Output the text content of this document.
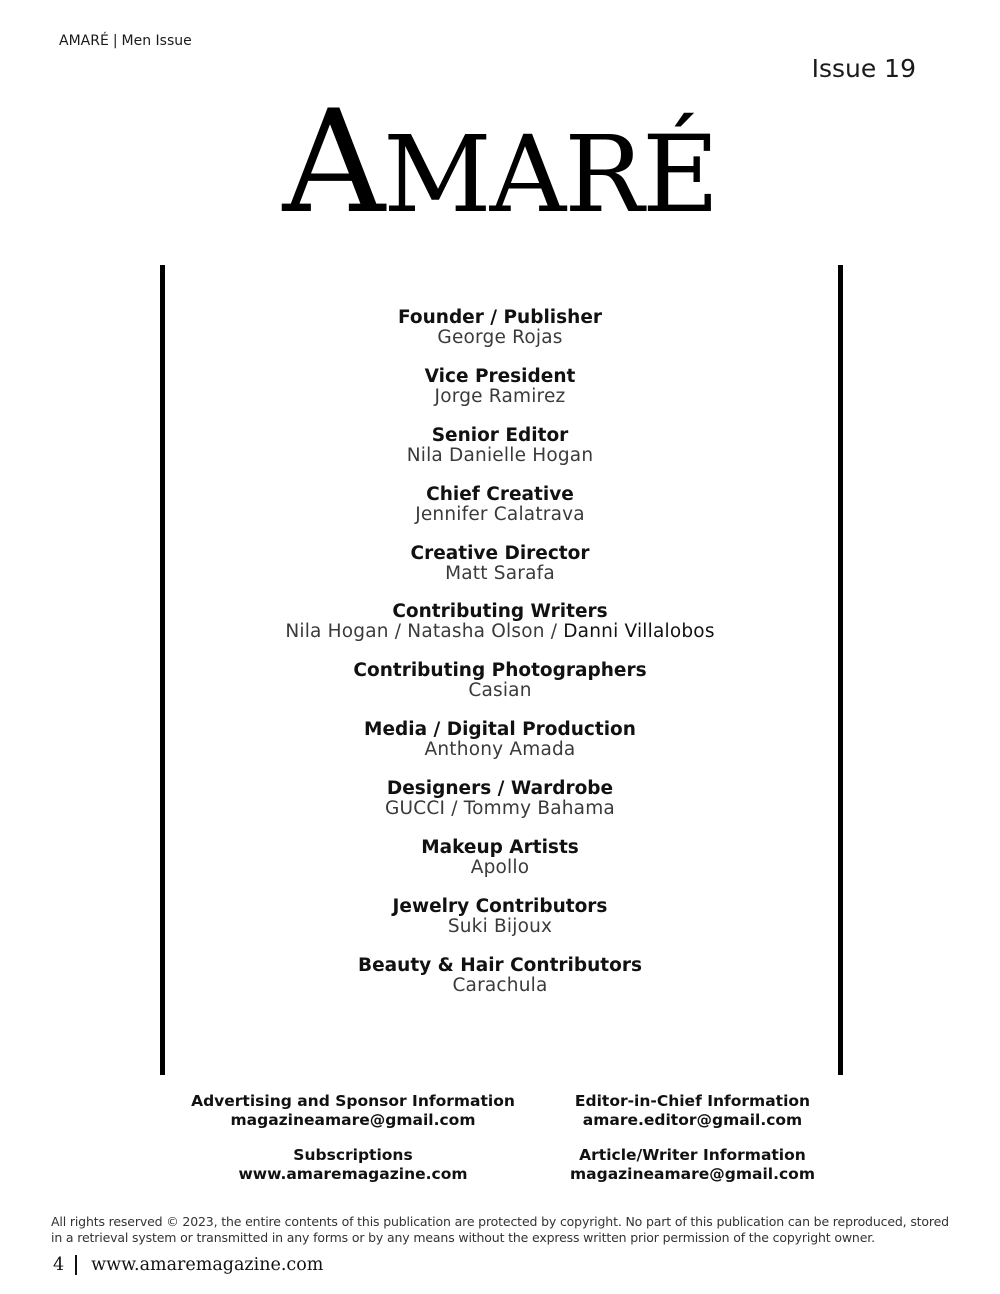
AMARÉ | Men Issue
Issue 19
AMARÉ
Founder / Publisher
George Rojas
Vice President
Jorge Ramirez
Senior Editor
Nila Danielle Hogan
Chief Creative
Jennifer Calatrava
Creative Director
Matt Sarafa
Contributing Writers
Nila Hogan / Natasha Olson / Danni Villalobos
Contributing Photographers
Casian
Media / Digital Production
Anthony Amada
Designers / Wardrobe
GUCCI / Tommy Bahama
Makeup Artists
Apollo
Jewelry Contributors
Suki Bijoux
Beauty & Hair Contributors
Carachula
Advertising and Sponsor Information
magazineamare@gmail.com
Subscriptions
www.amaremagazine.com
Editor-in-Chief Information
amare.editor@gmail.com
Article/Writer Information
magazineamare@gmail.com
All rights reserved © 2023, the entire contents of this publication are protected by copyright. No part of this publication can be reproduced, stored in a retrieval system or transmitted in any forms or by any means without the express written prior permission of the copyright owner.
4 www.amaremagazine.com
